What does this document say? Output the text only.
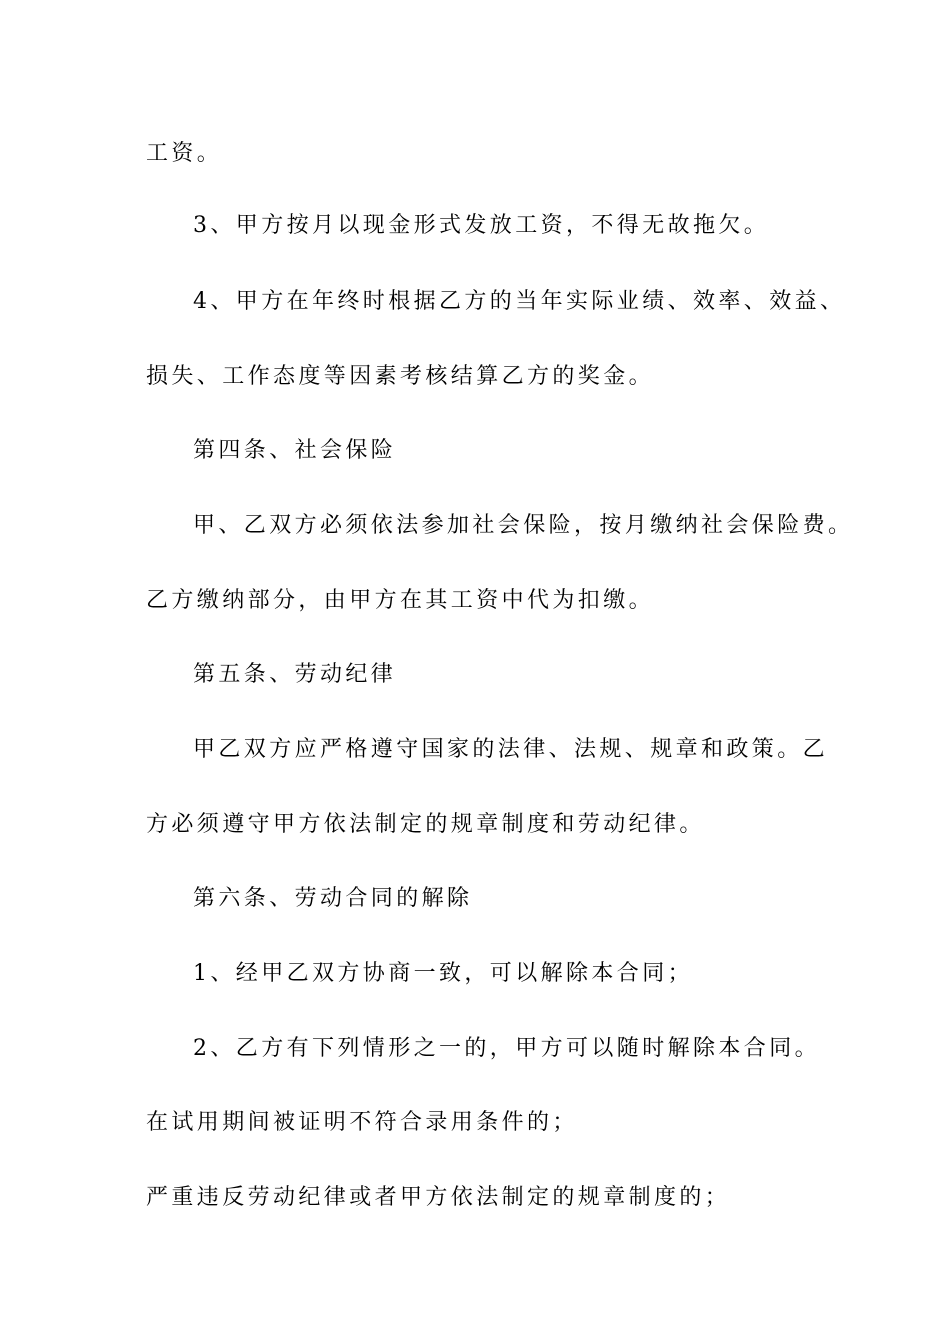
工资。
3、甲方按月以现金形式发放工资，不得无故拖欠。
4、甲方在年终时根据乙方的当年实际业绩、效率、效益、
损失、工作态度等因素考核结算乙方的奖金。
第四条、社会保险
甲、乙双方必须依法参加社会保险，按月缴纳社会保险费。
乙方缴纳部分，由甲方在其工资中代为扣缴。
第五条、劳动纪律
甲乙双方应严格遵守国家的法律、法规、规章和政策。乙
方必须遵守甲方依法制定的规章制度和劳动纪律。
第六条、劳动合同的解除
1、经甲乙双方协商一致，可以解除本合同；
2、乙方有下列情形之一的，甲方可以随时解除本合同。
在试用期间被证明不符合录用条件的；
严重违反劳动纪律或者甲方依法制定的规章制度的；
